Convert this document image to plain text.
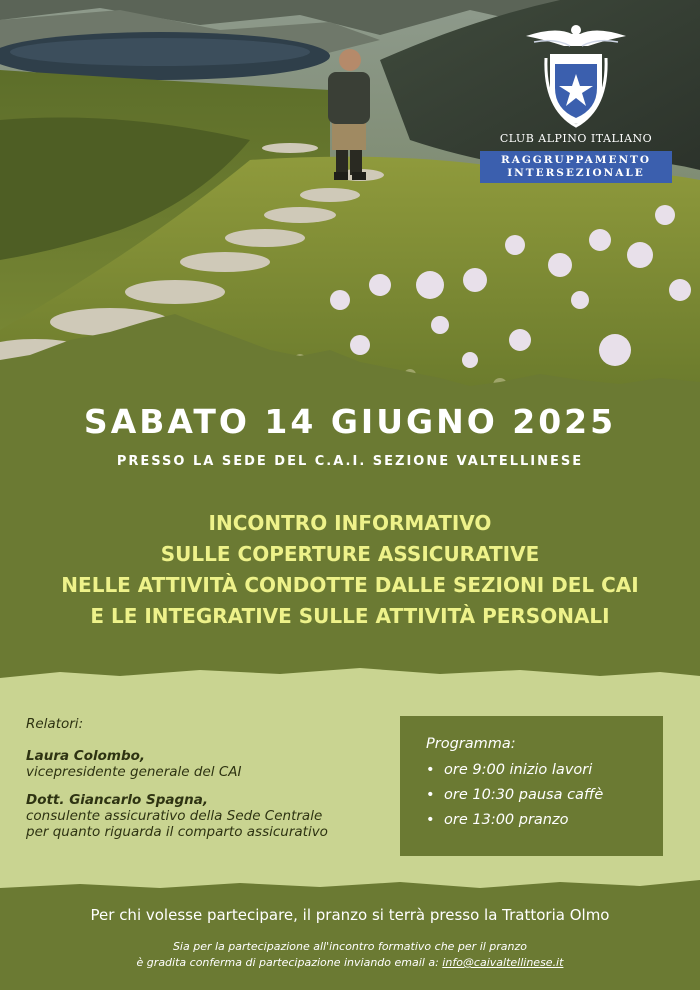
CLUB ALPINO ITALIANO
RAGGRUPPAMENTO
INTERSEZIONALE
SABATO 14 GIUGNO 2025
PRESSO LA SEDE DEL C.A.I. SEZIONE VALTELLINESE
INCONTRO INFORMATIVO
SULLE COPERTURE ASSICURATIVE
NELLE ATTIVITÀ CONDOTTE DALLE SEZIONI DEL CAI
E LE INTEGRATIVE SULLE ATTIVITÀ PERSONALI
Relatori:
Laura Colombo,
vicepresidente generale del CAI
Dott. Giancarlo Spagna,
consulente assicurativo della Sede Centrale
per quanto riguarda il comparto assicurativo
Programma:
• ore 9:00 inizio lavori
• ore 10:30 pausa caffè
• ore 13:00 pranzo
Per chi volesse partecipare, il pranzo si terrà presso la Trattoria Olmo
Sia per la partecipazione all'incontro formativo che per il pranzo
è gradita conferma di partecipazione inviando email a: info@caivaltellinese.it
